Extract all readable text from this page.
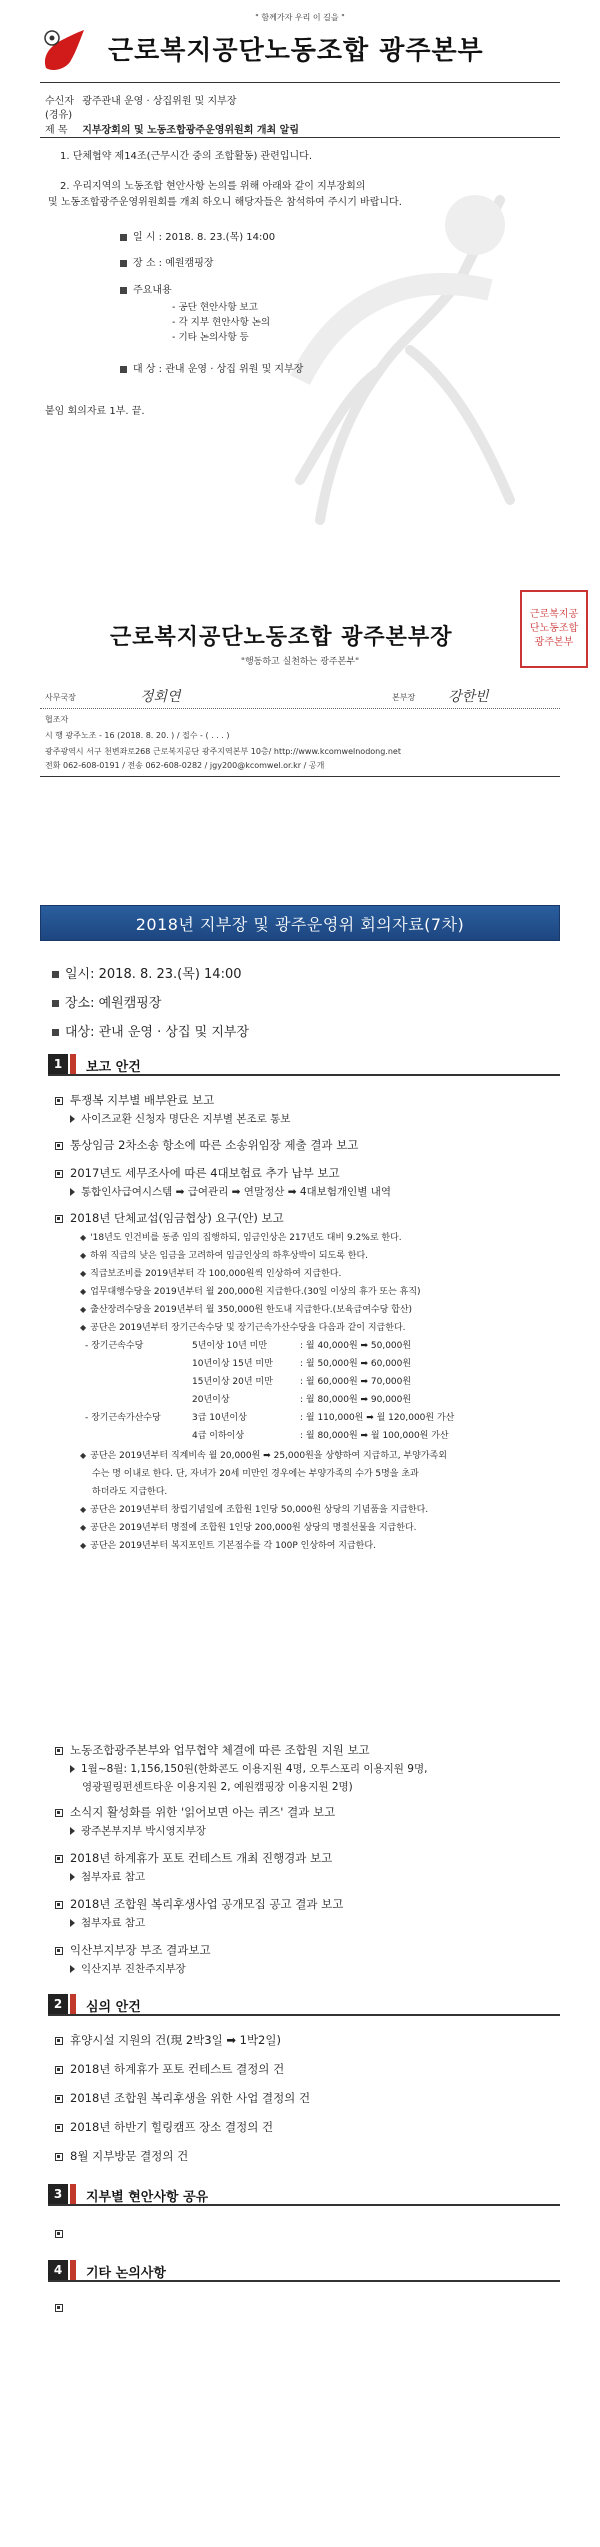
" 함께가자 우리 이 길을 "
근로복지공단노동조합 광주본부
수신자 광주관내 운영 · 상집위원 및 지부장
(경유)
제 목 지부장회의 및 노동조합광주운영위원회 개최 알림
1. 단체협약 제14조(근무시간 중의 조합활동) 관련입니다.
2. 우리지역의 노동조합 현안사항 논의를 위해 아래와 같이 지부장회의
및 노동조합광주운영위원회를 개최 하오니 해당자들은 참석하여 주시기 바랍니다.
일 시 : 2018. 8. 23.(목) 14:00
장 소 : 예원캠핑장
주요내용
- 공단 현안사항 보고
- 각 지부 현안사항 논의
- 기타 논의사항 등
대 상 : 관내 운영 · 상집 위원 및 지부장
붙임 회의자료 1부. 끝.
근로복지공단노동조합 광주본부장
근로복지공단노동조합광주본부
"행동하고 실천하는 광주본부"
사무국장	정회연	본부장 강한빈
협조자
시 행 광주노조 - 16 (2018. 8. 20. ) / 접수 - ( . . . )
광주광역시 서구 천변좌로268 근로복지공단 광주지역본부 10층/ http://www.kcomwelnodong.net
전화 062-608-0191 / 전송 062-608-0282 / jgy200@kcomwel.or.kr / 공개
2018년 지부장 및 광주운영위 회의자료(7차)
일시: 2018. 8. 23.(목) 14:00
장소: 예원캠핑장
대상: 관내 운영 · 상집 및 지부장
1	보고 안건
투쟁복 지부별 배부완료 보고
사이즈교환 신청자 명단은 지부별 본조로 통보
통상임금 2차소송 항소에 따른 소송위임장 제출 결과 보고
2017년도 세무조사에 따른 4대보험료 추가 납부 보고
통합인사급여시스템 ➡ 급여관리 ➡ 연말정산 ➡ 4대보험개인별 내역
2018년 단체교섭(임금협상) 요구(안) 보고
◆ '18년도 인건비를 동종 임의 집행하되, 임금인상은 217년도 대비 9.2%로 한다.
◆ 하위 직급의 낮은 임금을 고려하여 임금인상의 하후상박이 되도록 한다.
◆ 직급보조비를 2019년부터 각 100,000원씩 인상하여 지급한다.
◆ 업무대행수당을 2019년부터 월 200,000원 지급한다.(30일 이상의 휴가 또는 휴직)
◆ 출산장려수당을 2019년부터 월 350,000원 한도내 지급한다.(보육급여수당 합산)
◆ 공단은 2019년부터 장기근속수당 및 장기근속가산수당을 다음과 같이 지급한다.
- 장기근속수당	5년이상 10년 미만	: 월 40,000원 ➡ 50,000원
10년이상 15년 미만	: 월 50,000원 ➡ 60,000원
15년이상 20년 미만	: 월 60,000원 ➡ 70,000원
20년이상	: 월 80,000원 ➡ 90,000원
- 장기근속가산수당	3급 10년이상	: 월 110,000원 ➡ 월 120,000원 가산
4급 이하이상	: 월 80,000원 ➡ 월 100,000원 가산
◆ 공단은 2019년부터 직계비속 월 20,000원 ➡ 25,000원을 상향하여 지급하고, 부양가족외
수는 명 이내로 한다. 단, 자녀가 20세 미만인 경우에는 부양가족의 수가 5명을 초과
하더라도 지급한다.
◆ 공단은 2019년부터 창립기념일에 조합원 1인당 50,000원 상당의 기념품을 지급한다.
◆ 공단은 2019년부터 명절에 조합원 1인당 200,000원 상당의 명절선물을 지급한다.
◆ 공단은 2019년부터 복지포인트 기본점수를 각 100P 인상하여 지급한다.
노동조합광주본부와 업무협약 체결에 따른 조합원 지원 보고
1월~8월: 1,156,150원(한화콘도 이용지원 4명, 오투스포리 이용지원 9명,
영광필링펀센트타운 이용지원 2, 예원캠핑장 이용지원 2명)
소식지 활성화를 위한 '읽어보면 아는 퀴즈' 결과 보고
광주본부지부 박시영지부장
2018년 하계휴가 포토 컨테스트 개최 진행경과 보고
첨부자료 참고
2018년 조합원 복리후생사업 공개모집 공고 결과 보고
첨부자료 참고
익산부지부장 부조 결과보고
익산지부 진찬주지부장
2	심의 안건
휴양시설 지원의 건(現 2박3일 ➡ 1박2일)
2018년 하계휴가 포토 컨테스트 결정의 건
2018년 조합원 복리후생을 위한 사업 결정의 건
2018년 하반기 힐링캠프 장소 결정의 건
8월 지부방문 결정의 건
3	지부별 현안사항 공유
4	기타 논의사항
